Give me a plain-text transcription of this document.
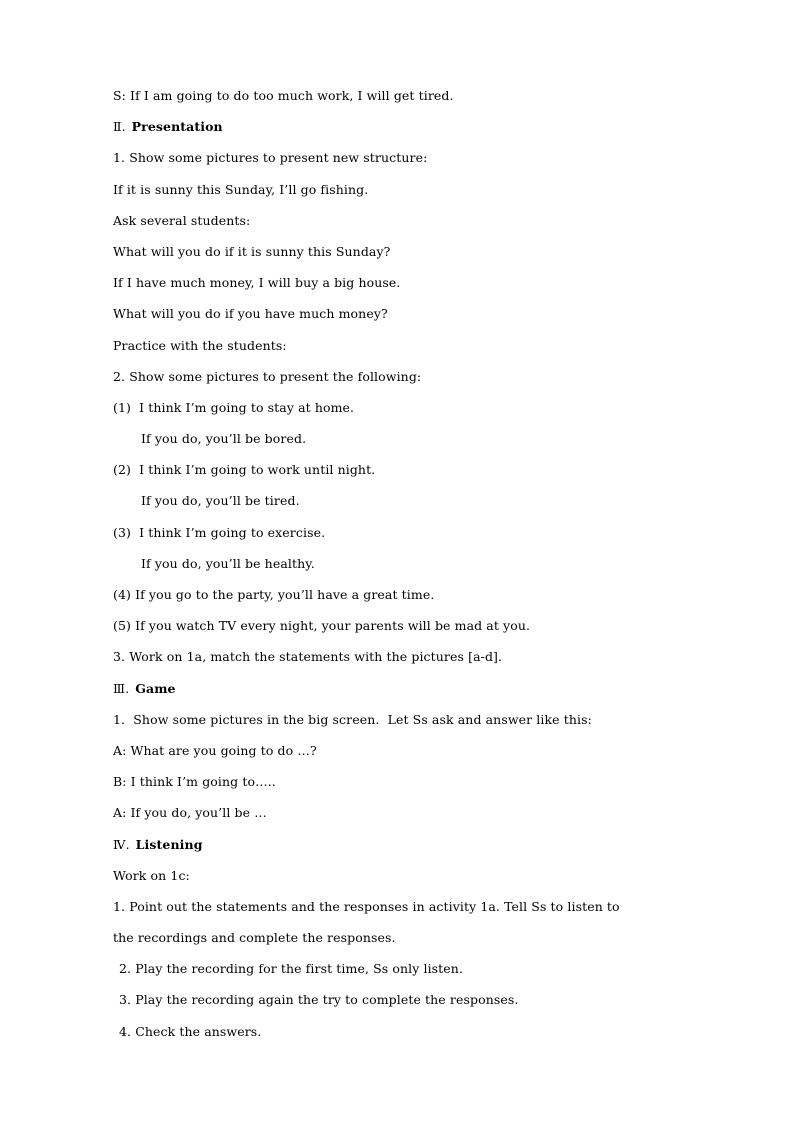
S: If I am going to do too much work, I will get tired.
Ⅱ. Presentation
1. Show some pictures to present new structure:
If it is sunny this Sunday, I’ll go fishing.
Ask several students:
What will you do if it is sunny this Sunday?
If I have much money, I will buy a big house.
What will you do if you have much money?
Practice with the students:
2. Show some pictures to present the following:
(1)  I think I’m going to stay at home.
If you do, you’ll be bored.
(2)  I think I’m going to work until night.
If you do, you’ll be tired.
(3)  I think I’m going to exercise.
If you do, you’ll be healthy.
(4) If you go to the party, you’ll have a great time.
(5) If you watch TV every night, your parents will be mad at you.
3. Work on 1a, match the statements with the pictures [a-d].
Ⅲ. Game
1.  Show some pictures in the big screen.  Let Ss ask and answer like this:
A: What are you going to do …?
B: I think I’m going to…..
A: If you do, you’ll be …
Ⅳ. Listening
Work on 1c:
1. Point out the statements and the responses in activity 1a. Tell Ss to listen to
the recordings and complete the responses.
2. Play the recording for the first time, Ss only listen.
3. Play the recording again the try to complete the responses.
4. Check the answers.
